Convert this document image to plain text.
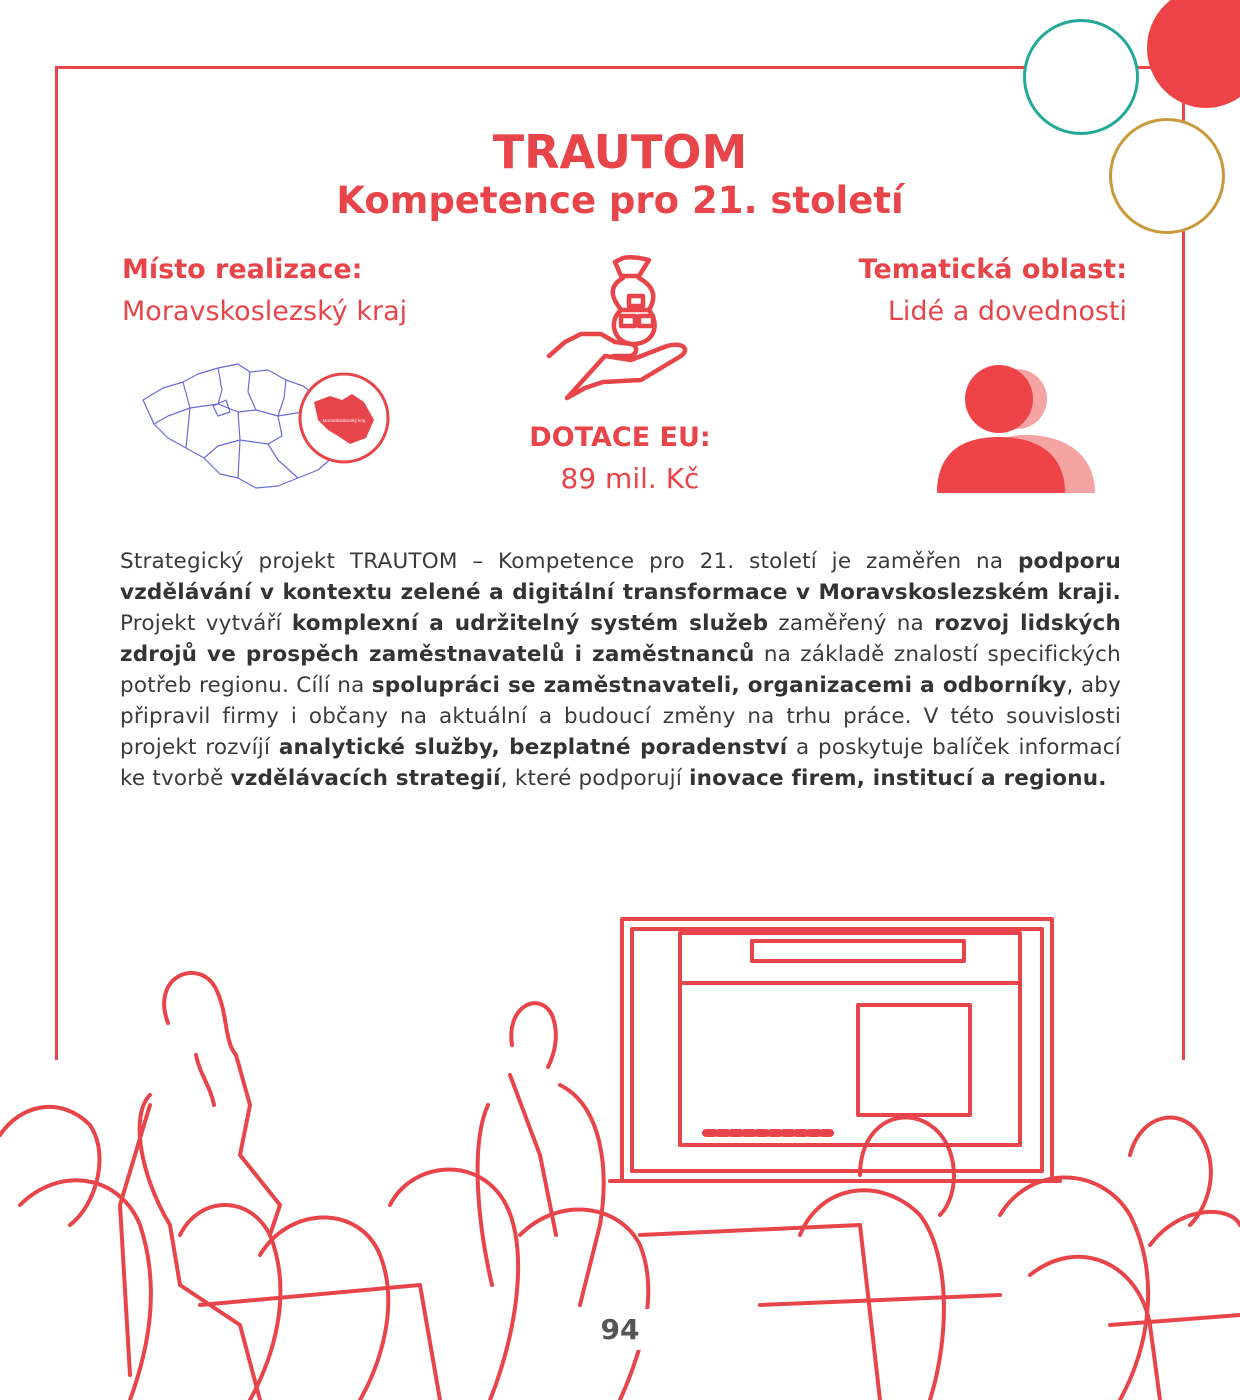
TRAUTOM
Kompetence pro 21. století
Místo realizace:
Moravskoslezský kraj
Tematická oblast:
Lidé a dovednosti
Moravskoslezský kraj
DOTACE EU:
89 mil. Kč
Strategický projekt TRAUTOM – Kompetence pro 21. století je zaměřen na podporu vzdělávání v kontextu zelené a digitální transformace v Moravskoslezském kraji. Projekt vytváří komplexní a udržitelný systém služeb zaměřený na rozvoj lidských zdrojů ve prospěch zaměstnavatelů i zaměstnanců na základě znalostí specifických potřeb regionu. Cílí na spolupráci se zaměstnavateli, organizacemi a odborníky, aby připravil firmy i občany na aktuální a budoucí změny na trhu práce. V této souvislosti projekt rozvíjí analytické služby, bezplatné poradenství a poskytuje balíček informací ke tvorbě vzdělávacích strategií, které podporují inovace firem, institucí a regionu.
94
